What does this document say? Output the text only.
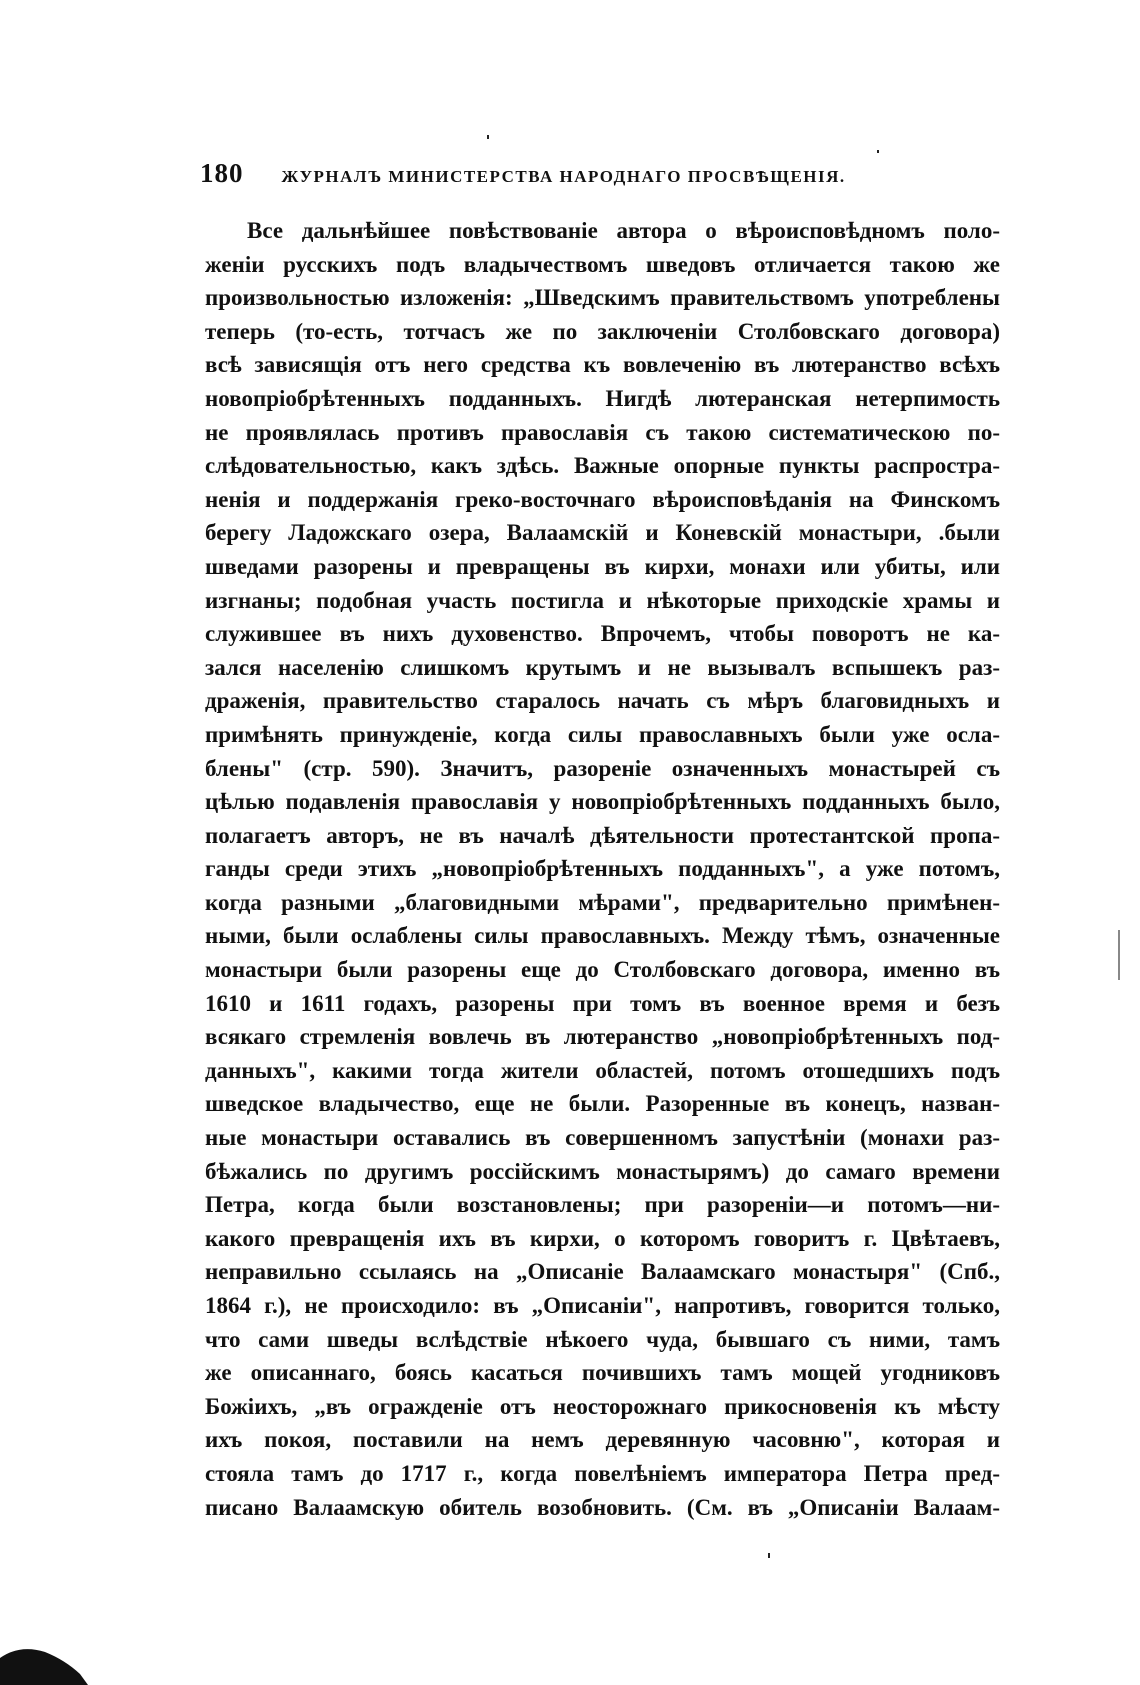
180 ЖУРНАЛЪ МИНИСТЕРСТВА НАРОДНАГО ПРОСВѢЩЕНІЯ.
Все дальнѣйшее повѣствованіе автора о вѣроисповѣдномъ поло-
женіи русскихъ подъ владычествомъ шведовъ отличается такою же
произвольностью изложенія: „Шведскимъ правительствомъ употреблены
теперь (то-есть, тотчасъ же по заключеніи Столбовскаго договора)
всѣ зависящія отъ него средства къ вовлеченію въ лютеранство всѣхъ
новопріобрѣтенныхъ подданныхъ. Нигдѣ лютеранская нетерпимость
не проявлялась противъ православія съ такою систематическою по-
слѣдовательностью, какъ здѣсь. Важные опорные пункты распростра-
ненія и поддержанія греко-восточнаго вѣроисповѣданія на Финскомъ
берегу Ладожскаго озера, Валаамскій и Коневскій монастыри, .были
шведами разорены и превращены въ кирхи, монахи или убиты, или
изгнаны; подобная участь постигла и нѣкоторые приходскіе храмы и
служившее въ нихъ духовенство. Впрочемъ, чтобы поворотъ не ка-
зался населенію слишкомъ крутымъ и не вызывалъ вспышекъ раз-
драженія, правительство старалось начать съ мѣръ благовидныхъ и
примѣнять принужденіе, когда силы православныхъ были уже осла-
блены" (стр. 590). Значитъ, разореніе означенныхъ монастырей съ
цѣлью подавленія православія у новопріобрѣтенныхъ подданныхъ было,
полагаетъ авторъ, не въ началѣ дѣятельности протестантской пропа-
ганды среди этихъ „новопріобрѣтенныхъ подданныхъ", а уже потомъ,
когда разными „благовидными мѣрами", предварительно примѣнен-
ными, были ослаблены силы православныхъ. Между тѣмъ, означенные
монастыри были разорены еще до Столбовскаго договора, именно въ
1610 и 1611 годахъ, разорены при томъ въ военное время и безъ
всякаго стремленія вовлечь въ лютеранство „новопріобрѣтенныхъ под-
данныхъ", какими тогда жители областей, потомъ отошедшихъ подъ
шведское владычество, еще не были. Разоренные въ конецъ, назван-
ные монастыри оставались въ совершенномъ запустѣніи (монахи раз-
бѣжались по другимъ россійскимъ монастырямъ) до самаго времени
Петра, когда были возстановлены; при разореніи—и потомъ—ни-
какого превращенія ихъ въ кирхи, о которомъ говоритъ г. Цвѣтаевъ,
неправильно ссылаясь на „Описаніе Валаамскаго монастыря" (Спб.,
1864 г.), не происходило: въ „Описаніи", напротивъ, говорится только,
что сами шведы вслѣдствіе нѣкоего чуда, бывшаго съ ними, тамъ
же описаннаго, боясь касаться почившихъ тамъ мощей угодниковъ
Божіихъ, „въ огражденіе отъ неосторожнаго прикосновенія къ мѣсту
ихъ покоя, поставили на немъ деревянную часовню", которая и
стояла тамъ до 1717 г., когда повелѣніемъ императора Петра пред-
писано Валаамскую обитель возобновить. (См. въ „Описаніи Валаам-
